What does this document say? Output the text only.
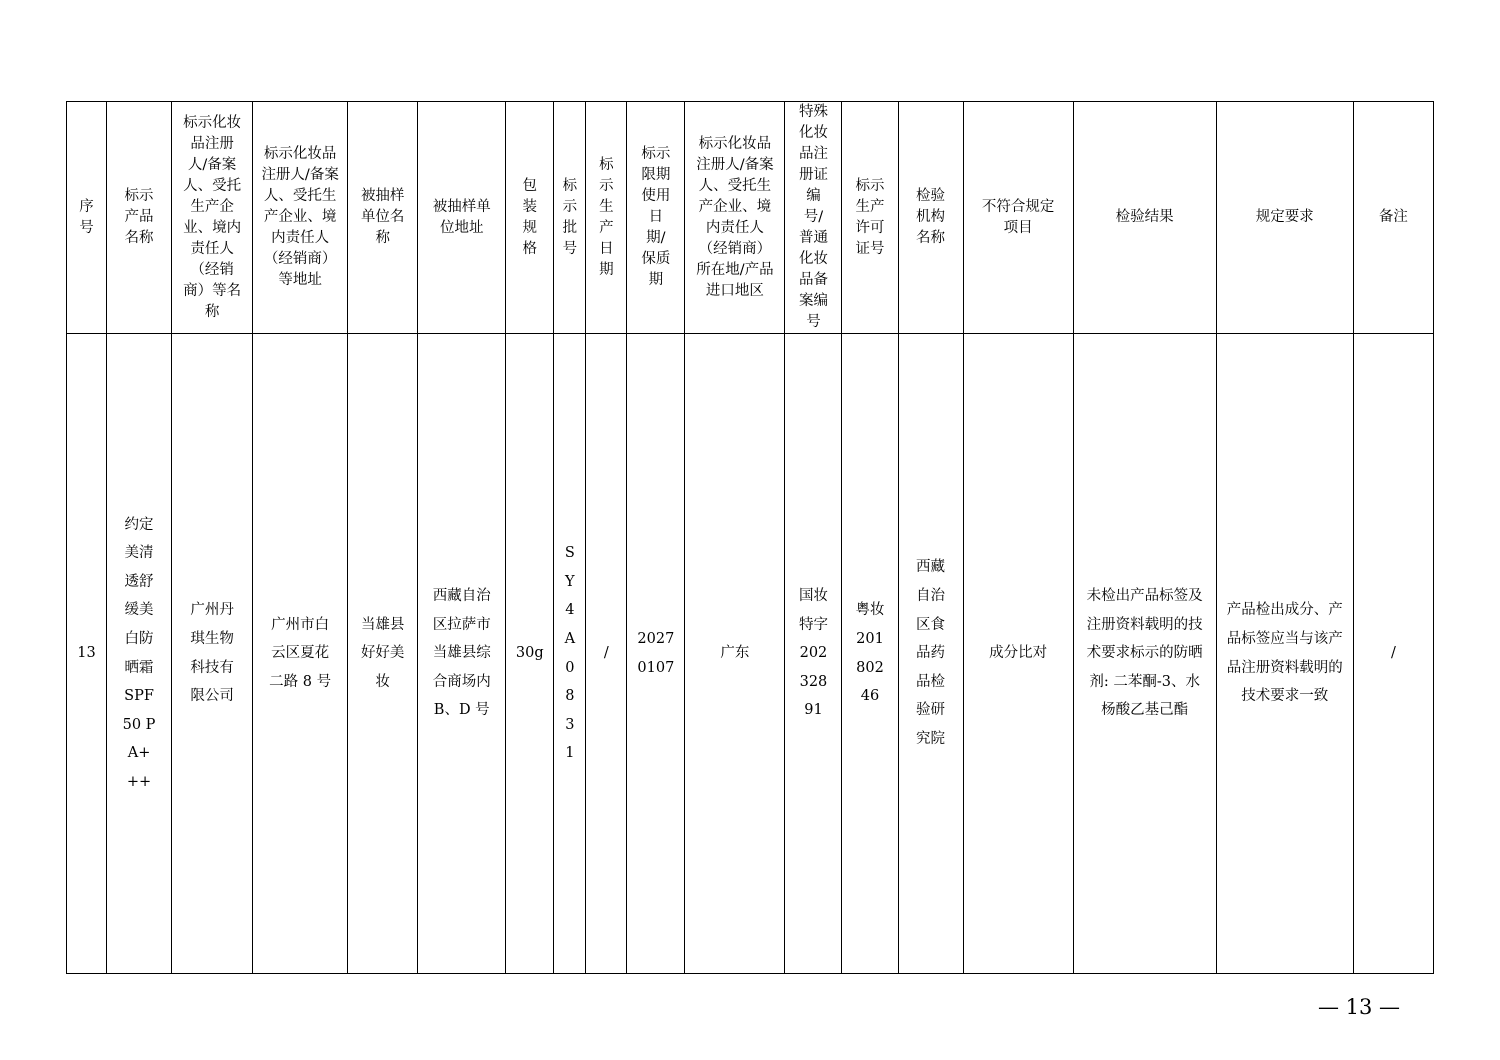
序号	标示产品名称	标示化妆品注册人/备案人、受托生产企业、境内责任人（经销商）等名称	标示化妆品注册人/备案人、受托生产企业、境内责任人（经销商）等地址	被抽样单位名称	被抽样单位地址	包装规格	标示批号	标示生产日期	标示限期使用日期/保质期	标示化妆品注册人/备案人、受托生产企业、境内责任人（经销商）所在地/产品进口地区	特殊化妆品注册证编号/普通化妆品备案编号	标示生产许可证号	检验机构名称	不符合规定项目	检验结果	规定要求	备注

13	约定美清透舒缓美白防晒霜SPF50 PA+++	广州丹琪生物科技有限公司	广州市白云区夏花二路 8 号	当雄县好好美妆	西藏自治区拉萨市当雄县综合商场内B、D 号	30g	SY4A0831	/	20270107	广东	国妆特字20232891	粤妆20180246	西藏自治区食品药品检验研究院	成分比对	未检出产品标签及注册资料载明的技术要求标示的防晒剂: 二苯酮-3、水杨酸乙基己酯	产品检出成分、产品标签应当与该产品注册资料载明的技术要求一致	/
— 13 —
